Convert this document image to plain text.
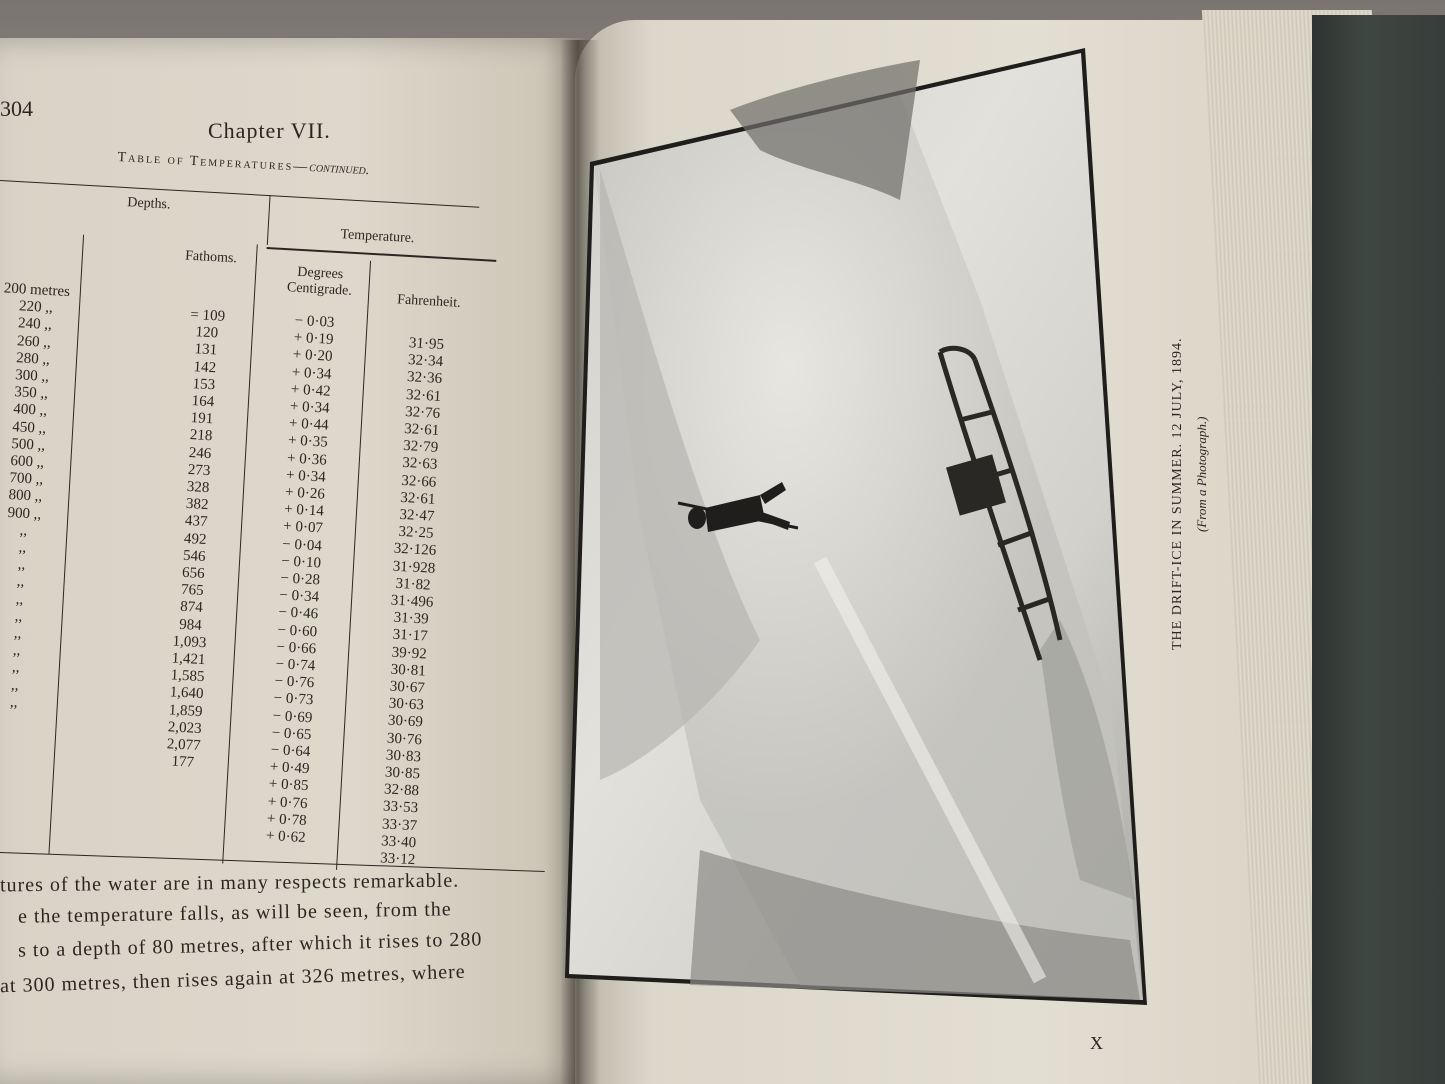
304
Chapter VII.
Table of Temperatures—continued.
Depths.
Temperature.
Fathoms.
Degrees Centigrade.
Fahrenheit.
200 metres
220 ,,
240 ,,
260 ,,
280 ,,
300 ,,
350 ,,
400 ,,
450 ,,
500 ,,
600 ,,
700 ,,
800 ,,
900 ,,
,,
,,
,,
,,
,,
,,
,,
,,
,,
,,
,,
= 109
120
131
142
153
164
191
218
246
273
328
382
437
492
546
656
765
874
984
1,093
1,421
1,585
1,640
1,859
2,023
2,077
177
− 0·03
+ 0·19
+ 0·20
+ 0·34
+ 0·42
+ 0·34
+ 0·44
+ 0·35
+ 0·36
+ 0·34
+ 0·26
+ 0·14
+ 0·07
− 0·04
− 0·10
− 0·28
− 0·34
− 0·46
− 0·60
− 0·66
− 0·74
− 0·76
− 0·73
− 0·69
− 0·65
− 0·64
+ 0·49
+ 0·85
+ 0·76
+ 0·78
+ 0·62
31·95
32·34
32·36
32·61
32·76
32·61
32·79
32·63
32·66
32·61
32·47
32·25
32·126
31·928
31·82
31·496
31·39
31·17
39·92
30·81
30·67
30·63
30·69
30·76
30·83
30·85
32·88
33·53
33·37
33·40
33·12
tures of the water are in many respects remarkable.
e the temperature falls, as will be seen, from the
s to a depth of 80 metres, after which it rises to 280
at 300 metres, then rises again at 326 metres, where
THE DRIFT-ICE IN SUMMER. 12 JULY, 1894. (From a Photograph.)
X
